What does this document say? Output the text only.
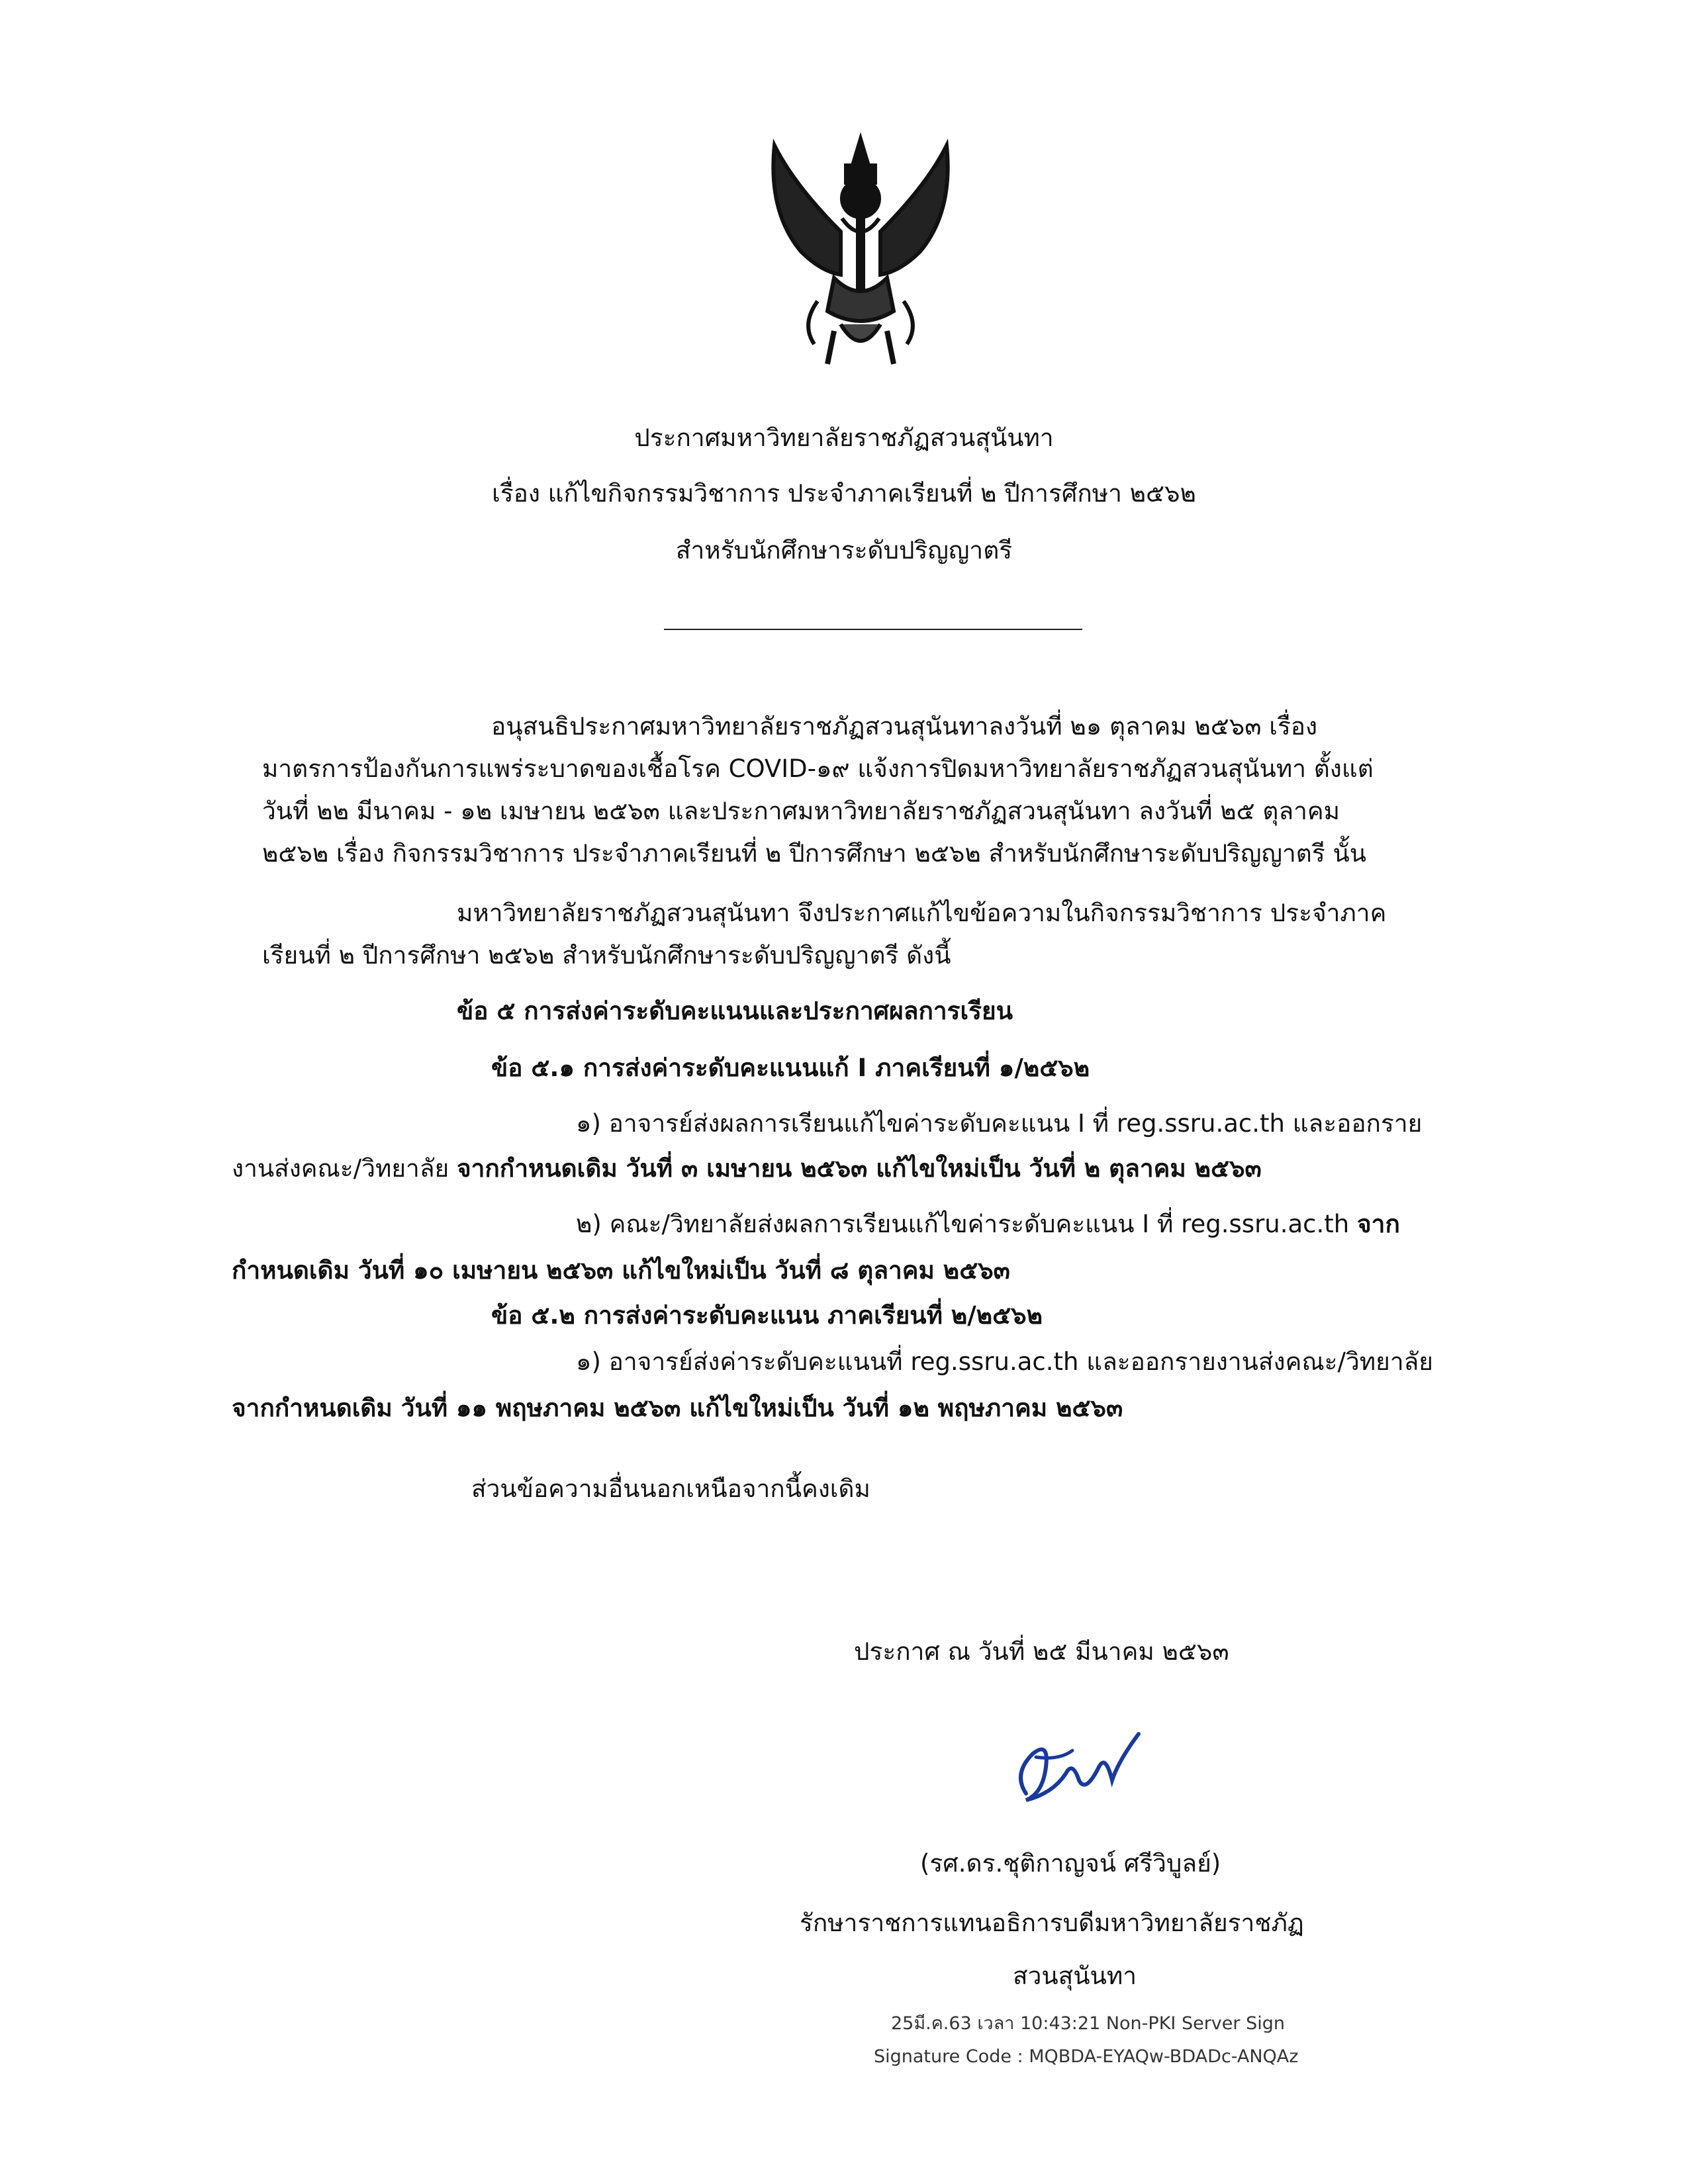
ประกาศมหาวิทยาลัยราชภัฏสวนสุนันทา
เรื่อง แก้ไขกิจกรรมวิชาการ ประจำภาคเรียนที่ ๒ ปีการศึกษา ๒๕๖๒
สำหรับนักศึกษาระดับปริญญาตรี
อนุสนธิประกาศมหาวิทยาลัยราชภัฏสวนสุนันทาลงวันที่ ๒๑ ตุลาคม ๒๕๖๓ เรื่อง
มาตรการป้องกันการแพร่ระบาดของเชื้อโรค COVID-๑๙ แจ้งการปิดมหาวิทยาลัยราชภัฏสวนสุนันทา ตั้งแต่
วันที่ ๒๒ มีนาคม - ๑๒ เมษายน ๒๕๖๓ และประกาศมหาวิทยาลัยราชภัฏสวนสุนันทา ลงวันที่ ๒๕ ตุลาคม
๒๕๖๒ เรื่อง กิจกรรมวิชาการ ประจำภาคเรียนที่ ๒ ปีการศึกษา ๒๕๖๒ สำหรับนักศึกษาระดับปริญญาตรี นั้น
มหาวิทยาลัยราชภัฏสวนสุนันทา จึงประกาศแก้ไขข้อความในกิจกรรมวิชาการ ประจำภาค
เรียนที่ ๒ ปีการศึกษา ๒๕๖๒ สำหรับนักศึกษาระดับปริญญาตรี ดังนี้
ข้อ ๕ การส่งค่าระดับคะแนนและประกาศผลการเรียน
ข้อ ๕.๑ การส่งค่าระดับคะแนนแก้ I ภาคเรียนที่ ๑/๒๕๖๒
๑) อาจารย์ส่งผลการเรียนแก้ไขค่าระดับคะแนน I ที่ reg.ssru.ac.th และออกราย
งานส่งคณะ/วิทยาลัย จากกำหนดเดิม วันที่ ๓ เมษายน ๒๕๖๓ แก้ไขใหม่เป็น วันที่ ๒ ตุลาคม ๒๕๖๓
๒) คณะ/วิทยาลัยส่งผลการเรียนแก้ไขค่าระดับคะแนน I ที่ reg.ssru.ac.th จาก
กำหนดเดิม วันที่ ๑๐ เมษายน ๒๕๖๓ แก้ไขใหม่เป็น วันที่ ๘ ตุลาคม ๒๕๖๓
ข้อ ๕.๒ การส่งค่าระดับคะแนน ภาคเรียนที่ ๒/๒๕๖๒
๑) อาจารย์ส่งค่าระดับคะแนนที่ reg.ssru.ac.th และออกรายงานส่งคณะ/วิทยาลัย
จากกำหนดเดิม วันที่ ๑๑ พฤษภาคม ๒๕๖๓ แก้ไขใหม่เป็น วันที่ ๑๒ พฤษภาคม ๒๕๖๓
ส่วนข้อความอื่นนอกเหนือจากนี้คงเดิม
ประกาศ ณ วันที่ ๒๕ มีนาคม ๒๕๖๓
(รศ.ดร.ชุติกาญจน์ ศรีวิบูลย์)
รักษาราชการแทนอธิการบดีมหาวิทยาลัยราชภัฏ
สวนสุนันทา
25มี.ค.63 เวลา 10:43:21 Non-PKI Server Sign
Signature Code : MQBDA-EYAQw-BDADc-ANQAz
